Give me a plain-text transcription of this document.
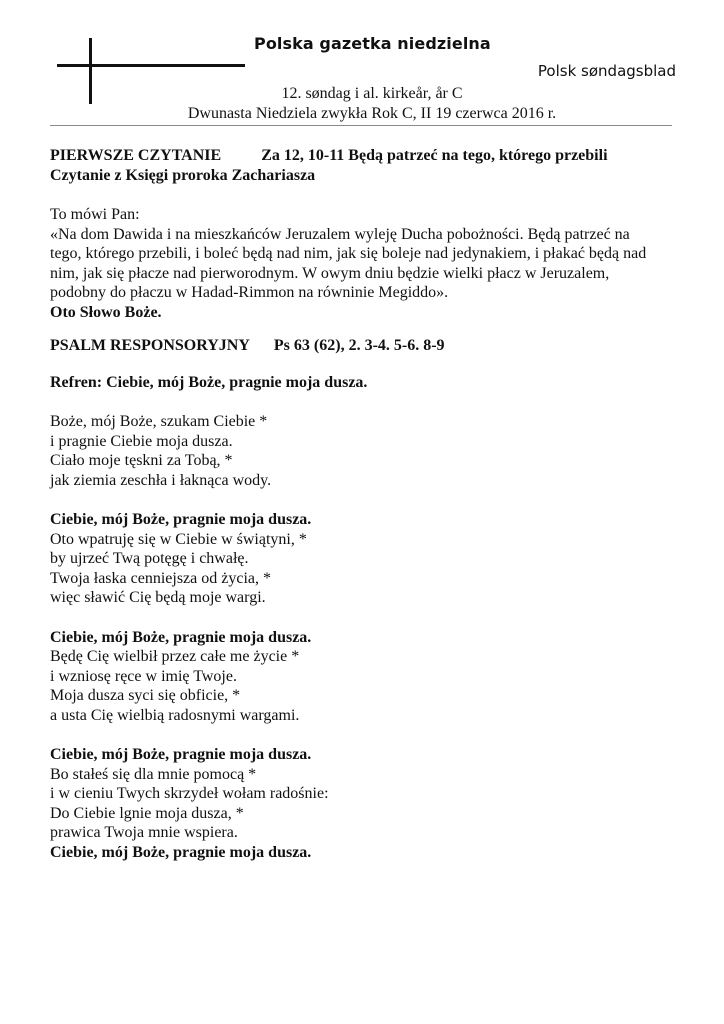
Polska gazetka niedzielna
Polsk søndagsblad
12. søndag i al. kirkeår, år C
Dwunasta Niedziela zwykła Rok C, II 19 czerwca 2016 r.

PIERWSZE CZYTANIE	Za 12, 10-11 Będą patrzeć na tego, którego przebili

Czytanie z Księgi proroka Zachariasza

To mówi Pan:

«Na dom Dawida i na mieszkańców Jeruzalem wyleję Ducha pobożności. Będą patrzeć na

tego, którego przebili, i boleć będą nad nim, jak się boleje nad jedynakiem, i płakać będą nad

nim, jak się płacze nad pierworodnym. W owym dniu będzie wielki płacz w Jeruzalem,

podobny do płaczu w Hadad-Rimmon na równinie Megiddo».

Oto Słowo Boże.

PSALM RESPONSORYJNY Ps 63 (62), 2. 3-4. 5-6. 8-9

Refren: Ciebie, mój Boże, pragnie moja dusza.

Boże, mój Boże, szukam Ciebie *

i pragnie Ciebie moja dusza.

Ciało moje tęskni za Tobą, *

jak ziemia zeschła i łaknąca wody.

Ciebie, mój Boże, pragnie moja dusza.

Oto wpatruję się w Ciebie w świątyni, *

by ujrzeć Twą potęgę i chwałę.

Twoja łaska cenniejsza od życia, *

więc sławić Cię będą moje wargi.

Ciebie, mój Boże, pragnie moja dusza.

Będę Cię wielbił przez całe me życie *

i wzniosę ręce w imię Twoje.

Moja dusza syci się obficie, *

a usta Cię wielbią radosnymi wargami.

Ciebie, mój Boże, pragnie moja dusza.

Bo stałeś się dla mnie pomocą *

i w cieniu Twych skrzydeł wołam radośnie:

Do Ciebie lgnie moja dusza, *

prawica Twoja mnie wspiera.

Ciebie, mój Boże, pragnie moja dusza.
